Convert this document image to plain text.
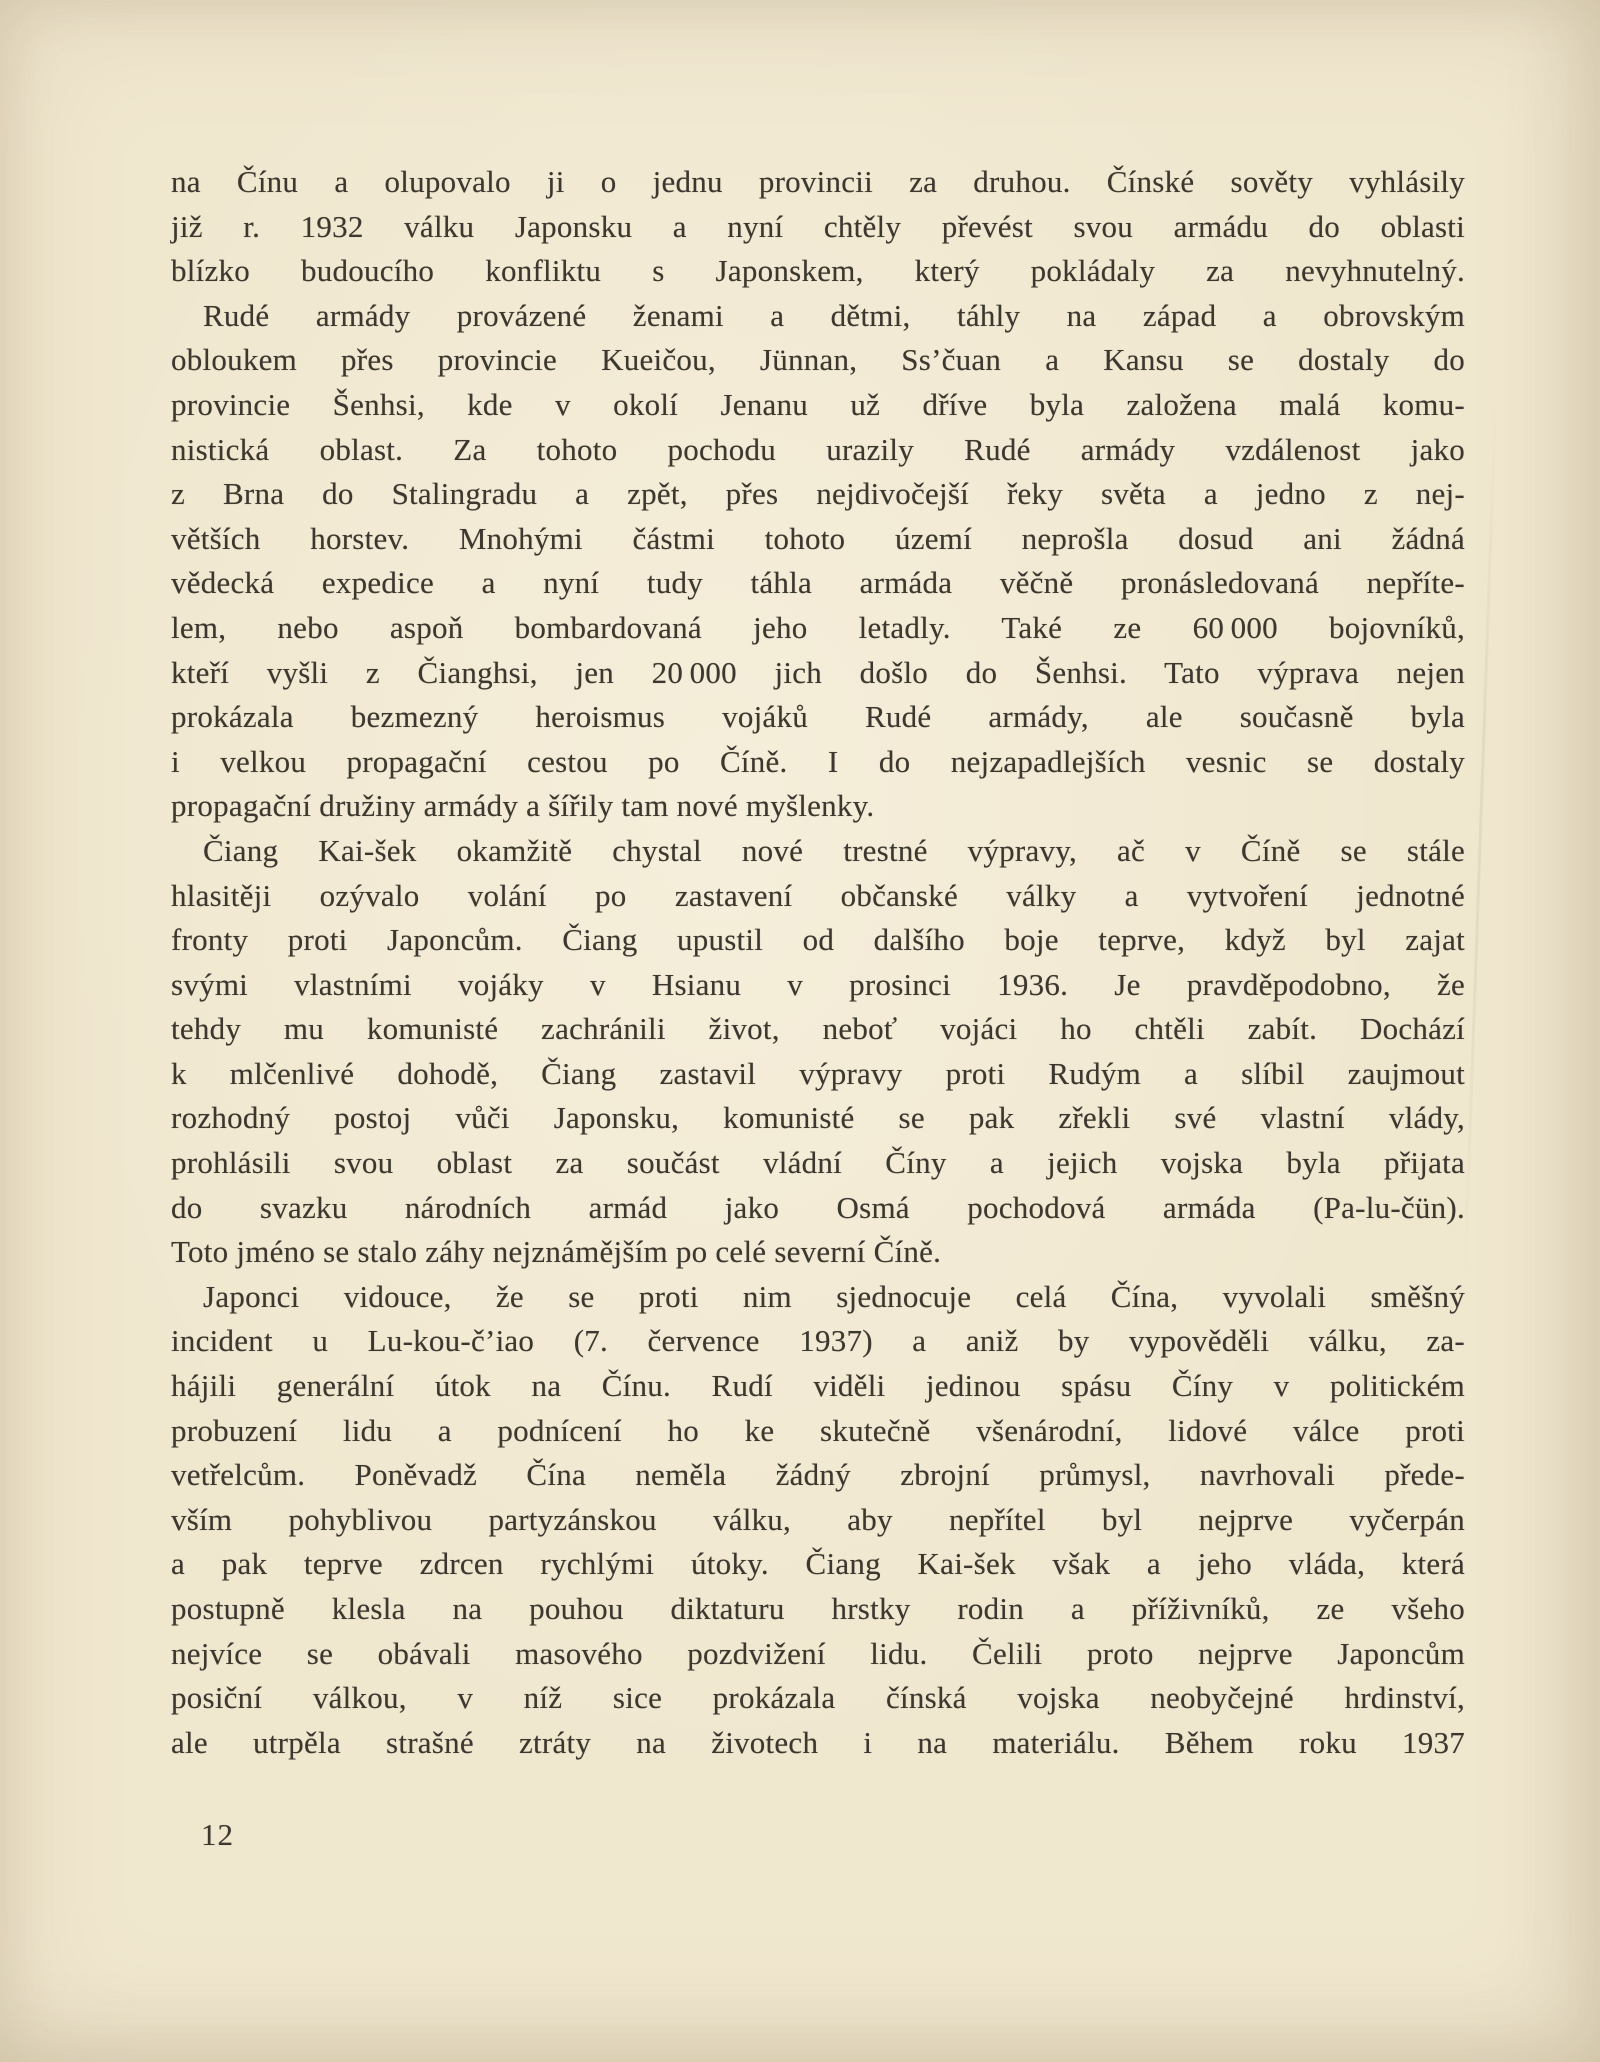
na Čínu a olupovalo ji o jednu provincii za druhou. Čínské sověty vyhlásily
již r. 1932 válku Japonsku a nyní chtěly převést svou armádu do oblasti
blízko budoucího konfliktu s Japonskem, který pokládaly za nevyhnutelný.
Rudé armády provázené ženami a dětmi, táhly na západ a obrovským
obloukem přes provincie Kueičou, Jünnan, Ss’čuan a Kansu se dostaly do
provincie Šenhsi, kde v okolí Jenanu už dříve byla založena malá komu-
nistická oblast. Za tohoto pochodu urazily Rudé armády vzdálenost jako
z Brna do Stalingradu a zpět, přes nejdivočejší řeky světa a jedno z nej-
větších horstev. Mnohými částmi tohoto území neprošla dosud ani žádná
vědecká expedice a nyní tudy táhla armáda věčně pronásledovaná nepříte-
lem, nebo aspoň bombardovaná jeho letadly. Také ze 60 000 bojovníků,
kteří vyšli z Čianghsi, jen 20 000 jich došlo do Šenhsi. Tato výprava nejen
prokázala bezmezný heroismus vojáků Rudé armády, ale současně byla
i velkou propagační cestou po Číně. I do nejzapadlejších vesnic se dostaly
propagační družiny armády a šířily tam nové myšlenky.
Čiang Kai-šek okamžitě chystal nové trestné výpravy, ač v Číně se stále
hlasitěji ozývalo volání po zastavení občanské války a vytvoření jednotné
fronty proti Japoncům. Čiang upustil od dalšího boje teprve, když byl zajat
svými vlastními vojáky v Hsianu v prosinci 1936. Je pravděpodobno, že
tehdy mu komunisté zachránili život, neboť vojáci ho chtěli zabít. Dochází
k mlčenlivé dohodě, Čiang zastavil výpravy proti Rudým a slíbil zaujmout
rozhodný postoj vůči Japonsku, komunisté se pak zřekli své vlastní vlády,
prohlásili svou oblast za součást vládní Číny a jejich vojska byla přijata
do svazku národních armád jako Osmá pochodová armáda (Pa-lu-čün).
Toto jméno se stalo záhy nejznámějším po celé severní Číně.
Japonci vidouce, že se proti nim sjednocuje celá Čína, vyvolali směšný
incident u Lu-kou-č’iao (7. července 1937) a aniž by vypověděli válku, za-
hájili generální útok na Čínu. Rudí viděli jedinou spásu Číny v politickém
probuzení lidu a podnícení ho ke skutečně všenárodní, lidové válce proti
vetřelcům. Poněvadž Čína neměla žádný zbrojní průmysl, navrhovali přede-
vším pohyblivou partyzánskou válku, aby nepřítel byl nejprve vyčerpán
a pak teprve zdrcen rychlými útoky. Čiang Kai-šek však a jeho vláda, která
postupně klesla na pouhou diktaturu hrstky rodin a příživníků, ze všeho
nejvíce se obávali masového pozdvižení lidu. Čelili proto nejprve Japoncům
posiční válkou, v níž sice prokázala čínská vojska neobyčejné hrdinství,
ale utrpěla strašné ztráty na životech i na materiálu. Během roku 1937
12
